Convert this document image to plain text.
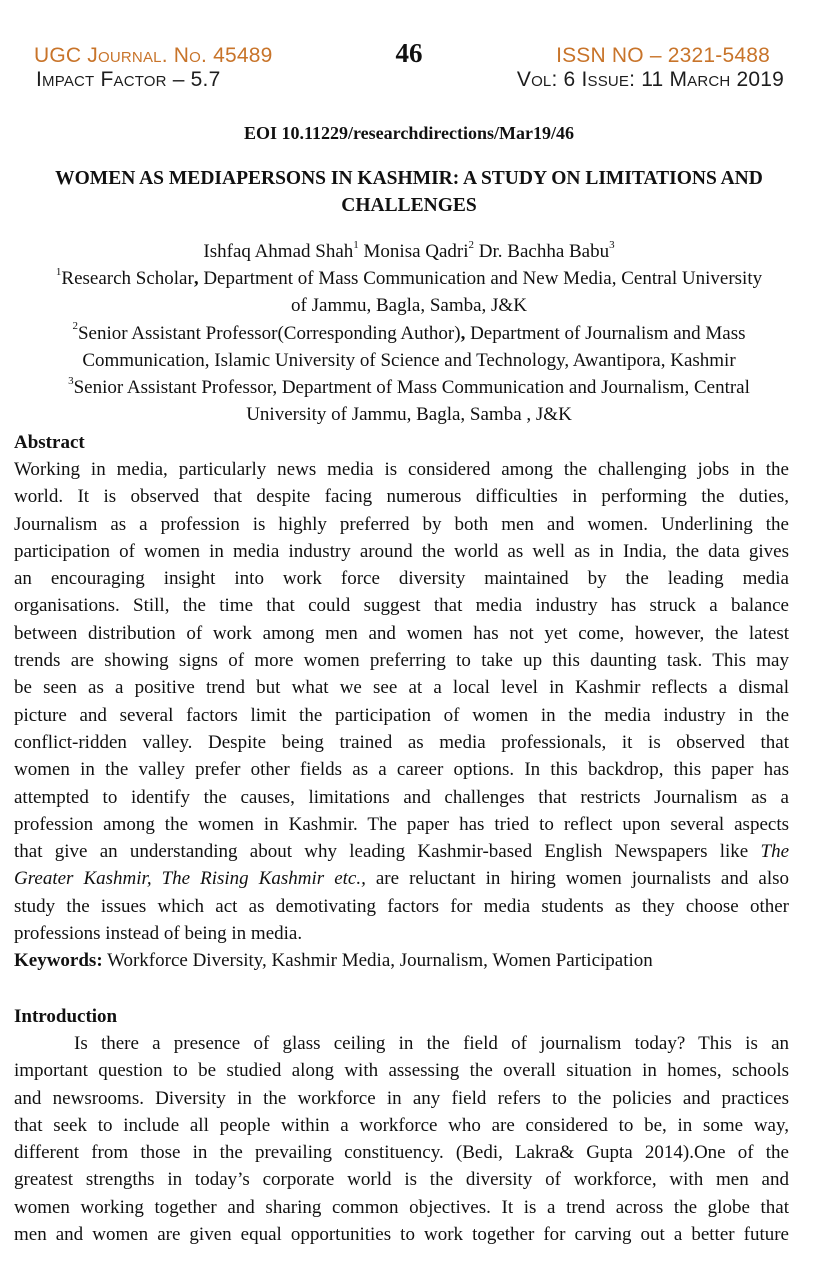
UGC Journal. No. 45489
Impact Factor – 5.7
46	ISSN NO – 2321-5488
Vol: 6 Issue: 11 March 2019
EOI 10.11229/researchdirections/Mar19/46
WOMEN AS MEDIAPERSONS IN KASHMIR: A STUDY ON LIMITATIONS AND
CHALLENGES
Ishfaq Ahmad Shah$^1$ Monisa Qadri$^2$ Dr. Bachha Babu$^3$
$^1$Research Scholar, Department of Mass Communication and New Media, Central University
of Jammu, Bagla, Samba, J&K
$^2$Senior Assistant Professor(Corresponding Author), Department of Journalism and Mass
Communication, Islamic University of Science and Technology, Awantipora, Kashmir
$^3$Senior Assistant Professor, Department of Mass Communication and Journalism, Central
University of Jammu, Bagla, Samba , J&K
Abstract
Working in media, particularly news media is considered among the challenging jobs in the
world. It is observed that despite facing numerous difficulties in performing the duties,
Journalism as a profession is highly preferred by both men and women. Underlining the
participation of women in media industry around the world as well as in India, the data gives
an encouraging insight into work force diversity maintained by the leading media
organisations. Still, the time that could suggest that media industry has struck a balance
between distribution of work among men and women has not yet come, however, the latest
trends are showing signs of more women preferring to take up this daunting task. This may
be seen as a positive trend but what we see at a local level in Kashmir reflects a dismal
picture and several factors limit the participation of women in the media industry in the
conflict-ridden valley. Despite being trained as media professionals, it is observed that
women in the valley prefer other fields as a career options. In this backdrop, this paper has
attempted to identify the causes, limitations and challenges that restricts Journalism as a
profession among the women in Kashmir. The paper has tried to reflect upon several aspects
that give an understanding about why leading Kashmir-based English Newspapers like The
Greater Kashmir, The Rising Kashmir etc., are reluctant in hiring women journalists and also
study the issues which act as demotivating factors for media students as they choose other
professions instead of being in media.
Keywords: Workforce Diversity, Kashmir Media, Journalism, Women Participation
Introduction
Is there a presence of glass ceiling in the field of journalism today? This is an
important question to be studied along with assessing the overall situation in homes, schools
and newsrooms. Diversity in the workforce in any field refers to the policies and practices
that seek to include all people within a workforce who are considered to be, in some way,
different from those in the prevailing constituency. (Bedi, Lakra& Gupta 2014).One of the
greatest strengths in today’s corporate world is the diversity of workforce, with men and
women working together and sharing common objectives. It is a trend across the globe that
men and women are given equal opportunities to work together for carving out a better future
